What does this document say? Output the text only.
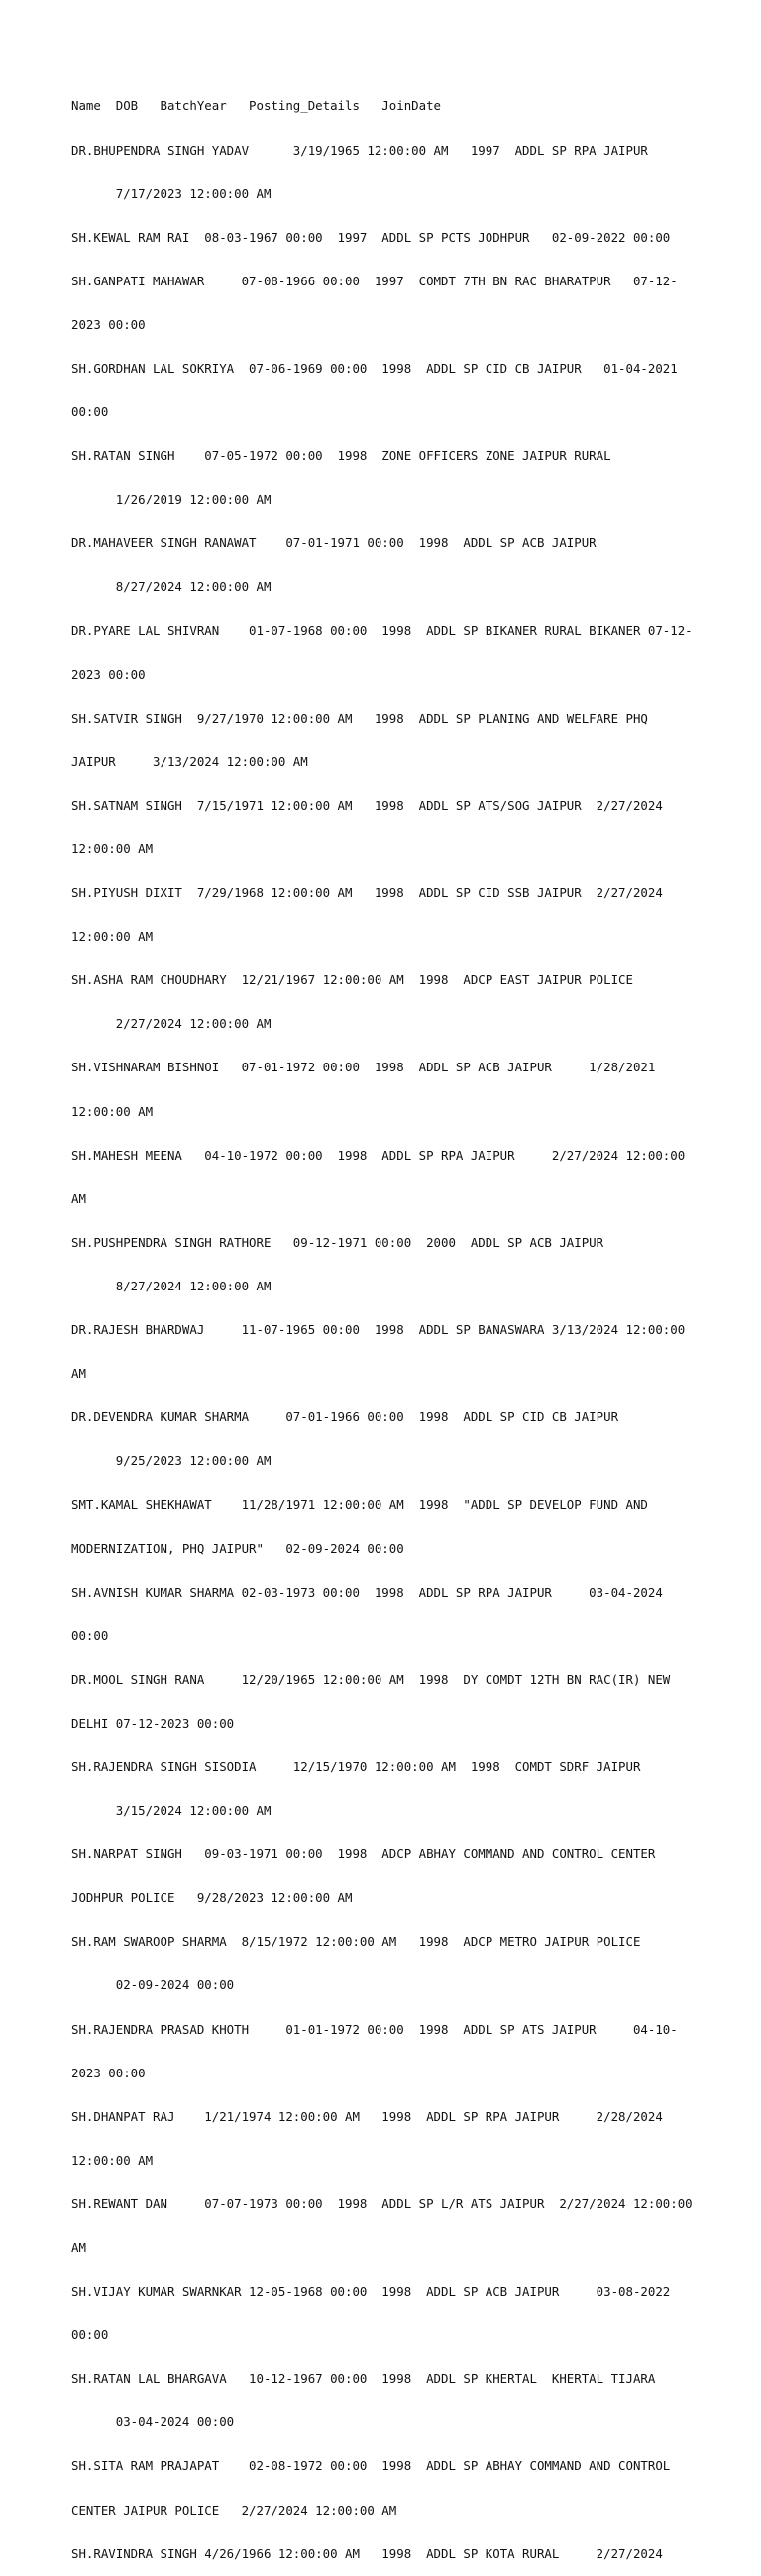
Name  DOB   BatchYear   Posting_Details   JoinDate

DR.BHUPENDRA SINGH YADAV      3/19/1965 12:00:00 AM   1997  ADDL SP RPA JAIPUR

7/17/2023 12:00:00 AM

SH.KEWAL RAM RAI  08-03-1967 00:00  1997  ADDL SP PCTS JODHPUR   02-09-2022 00:00

SH.GANPATI MAHAWAR     07-08-1966 00:00  1997  COMDT 7TH BN RAC BHARATPUR   07-12-

2023 00:00

SH.GORDHAN LAL SOKRIYA  07-06-1969 00:00  1998  ADDL SP CID CB JAIPUR   01-04-2021

00:00

SH.RATAN SINGH    07-05-1972 00:00  1998  ZONE OFFICERS ZONE JAIPUR RURAL

1/26/2019 12:00:00 AM

DR.MAHAVEER SINGH RANAWAT    07-01-1971 00:00  1998  ADDL SP ACB JAIPUR

8/27/2024 12:00:00 AM

DR.PYARE LAL SHIVRAN    01-07-1968 00:00  1998  ADDL SP BIKANER RURAL BIKANER 07-12-

2023 00:00

SH.SATVIR SINGH  9/27/1970 12:00:00 AM   1998  ADDL SP PLANING AND WELFARE PHQ

JAIPUR     3/13/2024 12:00:00 AM

SH.SATNAM SINGH  7/15/1971 12:00:00 AM   1998  ADDL SP ATS/SOG JAIPUR  2/27/2024

12:00:00 AM

SH.PIYUSH DIXIT  7/29/1968 12:00:00 AM   1998  ADDL SP CID SSB JAIPUR  2/27/2024

12:00:00 AM

SH.ASHA RAM CHOUDHARY  12/21/1967 12:00:00 AM  1998  ADCP EAST JAIPUR POLICE

2/27/2024 12:00:00 AM

SH.VISHNARAM BISHNOI   07-01-1972 00:00  1998  ADDL SP ACB JAIPUR     1/28/2021

12:00:00 AM

SH.MAHESH MEENA   04-10-1972 00:00  1998  ADDL SP RPA JAIPUR     2/27/2024 12:00:00

AM

SH.PUSHPENDRA SINGH RATHORE   09-12-1971 00:00  2000  ADDL SP ACB JAIPUR

8/27/2024 12:00:00 AM

DR.RAJESH BHARDWAJ     11-07-1965 00:00  1998  ADDL SP BANASWARA 3/13/2024 12:00:00

AM

DR.DEVENDRA KUMAR SHARMA     07-01-1966 00:00  1998  ADDL SP CID CB JAIPUR

9/25/2023 12:00:00 AM

SMT.KAMAL SHEKHAWAT    11/28/1971 12:00:00 AM  1998  "ADDL SP DEVELOP FUND AND

MODERNIZATION, PHQ JAIPUR"   02-09-2024 00:00

SH.AVNISH KUMAR SHARMA 02-03-1973 00:00  1998  ADDL SP RPA JAIPUR     03-04-2024

00:00

DR.MOOL SINGH RANA     12/20/1965 12:00:00 AM  1998  DY COMDT 12TH BN RAC(IR) NEW

DELHI 07-12-2023 00:00

SH.RAJENDRA SINGH SISODIA     12/15/1970 12:00:00 AM  1998  COMDT SDRF JAIPUR

3/15/2024 12:00:00 AM

SH.NARPAT SINGH   09-03-1971 00:00  1998  ADCP ABHAY COMMAND AND CONTROL CENTER

JODHPUR POLICE   9/28/2023 12:00:00 AM

SH.RAM SWAROOP SHARMA  8/15/1972 12:00:00 AM   1998  ADCP METRO JAIPUR POLICE

02-09-2024 00:00

SH.RAJENDRA PRASAD KHOTH     01-01-1972 00:00  1998  ADDL SP ATS JAIPUR     04-10-

2023 00:00

SH.DHANPAT RAJ    1/21/1974 12:00:00 AM   1998  ADDL SP RPA JAIPUR     2/28/2024

12:00:00 AM

SH.REWANT DAN     07-07-1973 00:00  1998  ADDL SP L/R ATS JAIPUR  2/27/2024 12:00:00

AM

SH.VIJAY KUMAR SWARNKAR 12-05-1968 00:00  1998  ADDL SP ACB JAIPUR     03-08-2022

00:00

SH.RATAN LAL BHARGAVA   10-12-1967 00:00  1998  ADDL SP KHERTAL  KHERTAL TIJARA

03-04-2024 00:00

SH.SITA RAM PRAJAPAT    02-08-1972 00:00  1998  ADDL SP ABHAY COMMAND AND CONTROL

CENTER JAIPUR POLICE   2/27/2024 12:00:00 AM

SH.RAVINDRA SINGH 4/26/1966 12:00:00 AM   1998  ADDL SP KOTA RURAL     2/27/2024
